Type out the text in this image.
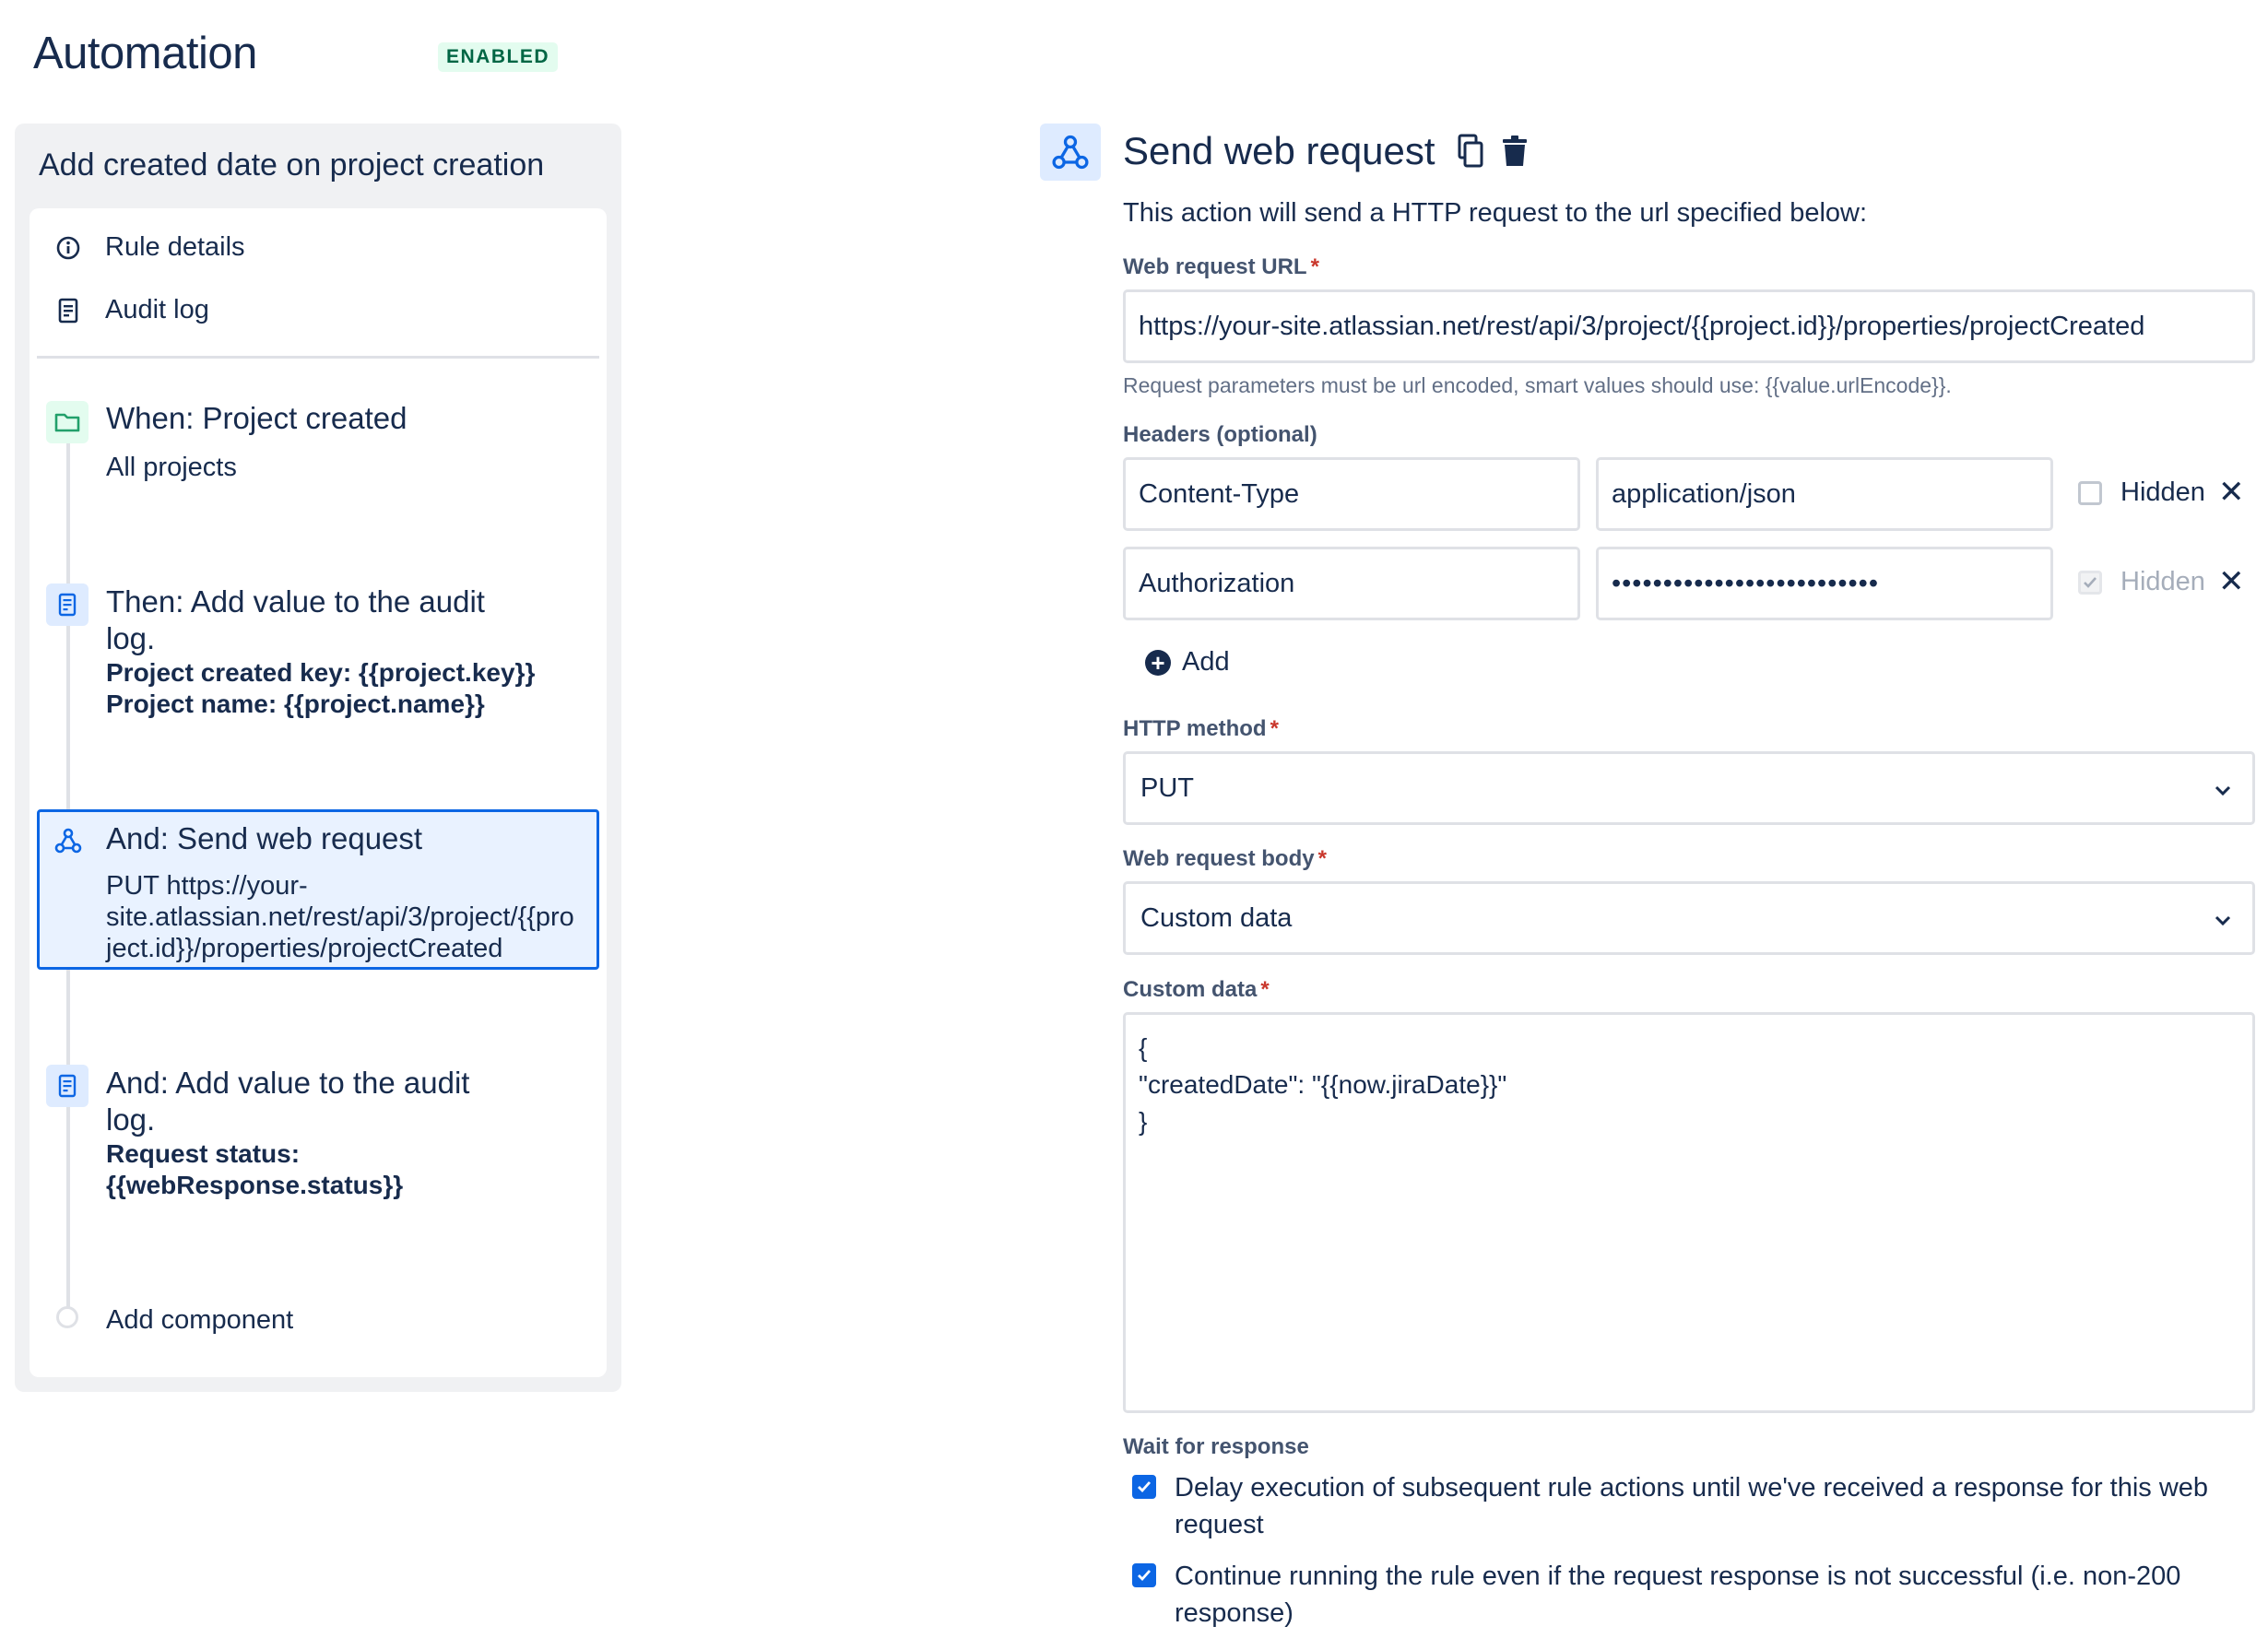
Automation	ENABLED
Add created date on project creation
Rule details
Audit log
When: Project created
All projects
Then: Add value to the audit
log.
Project created key: {{project.key}}
Project name: {{project.name}}
And: Send web request
PUT https://your-
site.atlassian.net/rest/api/3/project/{{pro
ject.id}}/properties/projectCreated
And: Add value to the audit
log.
Request status:
{{webResponse.status}}
Add component
Send web request
This action will send a HTTP request to the url specified below:
Web request URL *
https://your-site.atlassian.net/rest/api/3/project/{{project.id}}/properties/projectCreated
Request parameters must be url encoded, smart values should use: {{value.urlEncode}}.
Headers (optional)
Content-Type	application/json	Hidden ✕
Authorization	••••••••••••••••••••••••••	Hidden ✕
+ Add
HTTP method *
PUT
Web request body *
Custom data
Custom data *
{
"createdDate": "{{now.jiraDate}}"
}
Wait for response
Delay execution of subsequent rule actions until we've received a response for this web
request
Continue running the rule even if the request response is not successful (i.e. non-200
response)
